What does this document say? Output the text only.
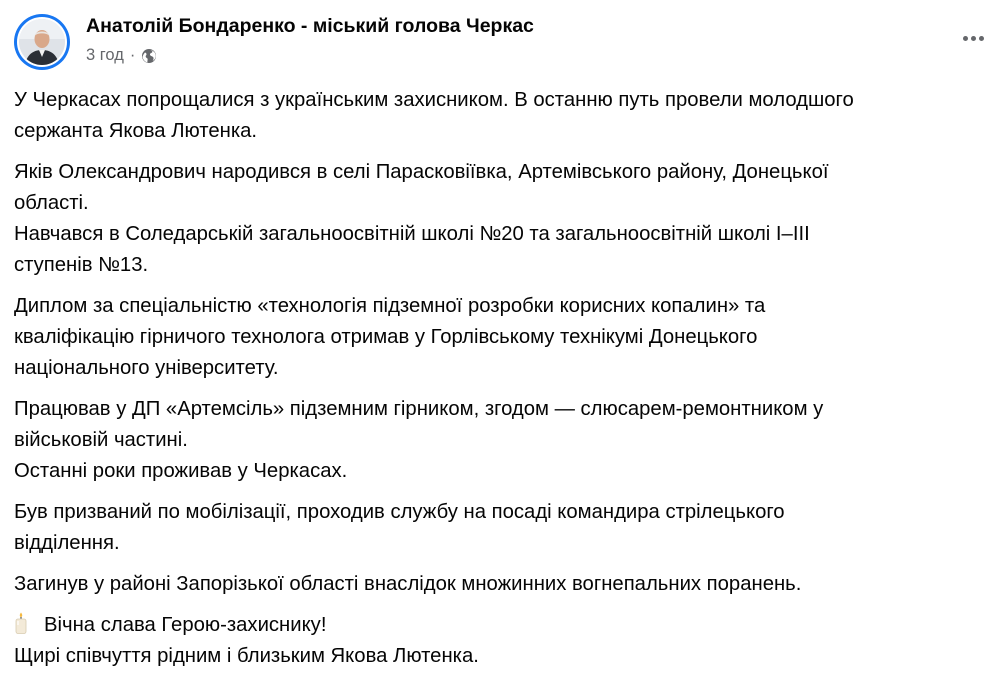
Анатолій Бондаренко - міський голова Черкас
3 год ·

У Черкасах попрощалися з українським захисником. В останню путь провели молодшого
сержанта Якова Лютенка.

Яків Олександрович народився в селі Парасковіївка, Артемівського району, Донецької
області.
Навчався в Соледарській загальноосвітній школі №20 та загальноосвітній школі І–ІІІ
ступенів №13.

Диплом за спеціальністю «технологія підземної розробки корисних копалин» та
кваліфікацію гірничого технолога отримав у Горлівському технікумі Донецького
національного університету.

Працював у ДП «Артемсіль» підземним гірником, згодом — слюсарем-ремонтником у
військовій частині.
Останні роки проживав у Черкасах.

Був призваний по мобілізації, проходив службу на посаді командира стрілецького
відділення.

Загинув у районі Запорізької області внаслідок множинних вогнепальних поранень.

Вічна слава Герою-захиснику!
Щирі співчуття рідним і близьким Якова Лютенка.
